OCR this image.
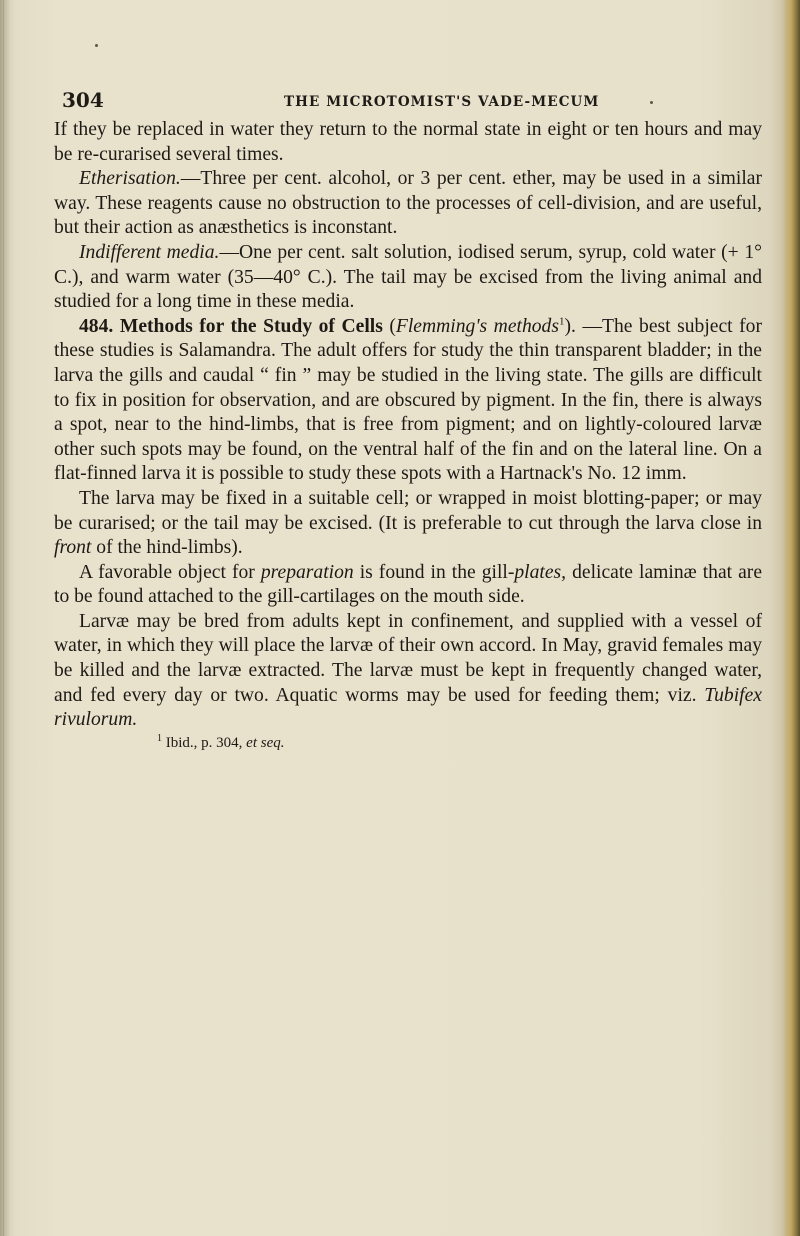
304	THE MICROTOMIST'S VADE-MECUM

If they be replaced in water they return to the normal state in eight or ten hours and may be re-curarised several times.

Etherisation.—Three per cent. alcohol, or 3 per cent. ether, may be used in a similar way. These reagents cause no obstruction to the processes of cell-division, and are useful, but their action as anæsthetics is inconstant.

Indifferent media.—One per cent. salt solution, iodised serum, syrup, cold water (+ 1° C.), and warm water (35—40° C.). The tail may be excised from the living animal and studied for a long time in these media.

484. Methods for the Study of Cells (Flemming's methods$^1$). —The best subject for these studies is Salamandra. The adult offers for study the thin transparent bladder; in the larva the gills and caudal “ fin ” may be studied in the living state. The gills are difficult to fix in position for observation, and are obscured by pigment. In the fin, there is always a spot, near to the hind-limbs, that is free from pigment; and on lightly-coloured larvæ other such spots may be found, on the ventral half of the fin and on the lateral line. On a flat-finned larva it is possible to study these spots with a Hartnack's No. 12 imm.

The larva may be fixed in a suitable cell; or wrapped in moist blotting-paper; or may be curarised; or the tail may be excised. (It is preferable to cut through the larva close in front of the hind-limbs).

A favorable object for preparation is found in the gill-plates, delicate laminæ that are to be found attached to the gill-cartilages on the mouth side.

Larvæ may be bred from adults kept in confinement, and supplied with a vessel of water, in which they will place the larvæ of their own accord. In May, gravid females may be killed and the larvæ extracted. The larvæ must be kept in frequently changed water, and fed every day or two. Aquatic worms may be used for feeding them; viz. Tubifex rivulorum.

$^1$ Ibid., p. 304, et seq.
